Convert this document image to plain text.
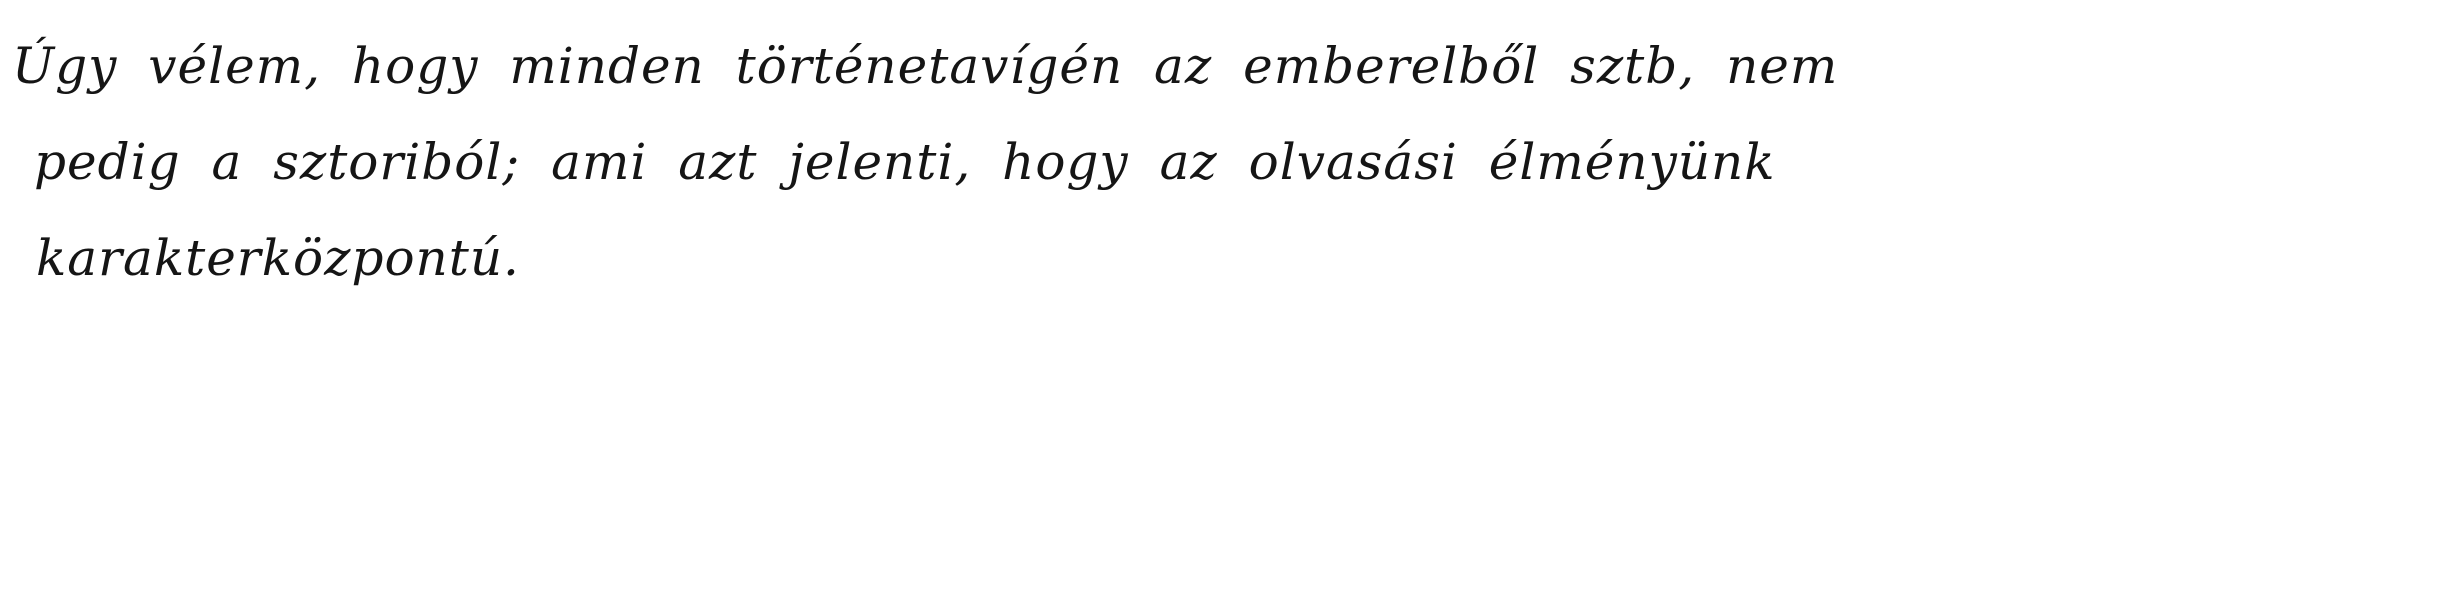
Úgy vélem, hogy minden történetavígén az emberelből sztb, nem
pedig a sztoriból; ami azt jelenti, hogy az olvasási élményünk
karakterközpontú.
